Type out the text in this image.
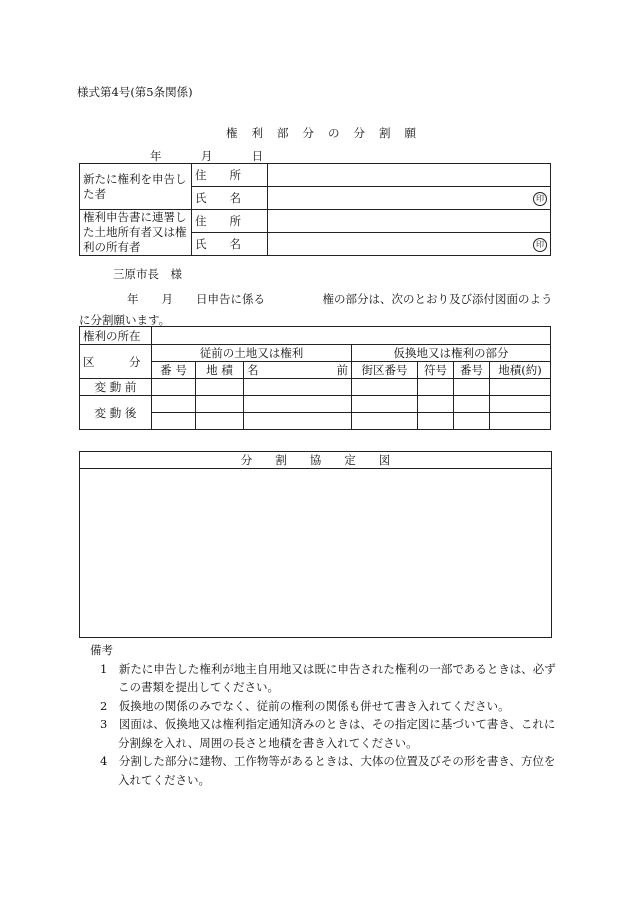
様式第4号(第5条関係)
権 利 部 分 の 分 割 願
年	月	日
新たに権利を申告した者	住　　所	
	氏　　名	印
権利申告書に連署した土地所有者又は権利の所有者	住　　所	
	氏　　名	印
三原市長　様
年　　月　　日申告に係る　　　　　権の部分は、次のとおり及び添付図面のよう
に分割願います。
権利の所在							
区　　　分	従前の土地又は権利			仮換地又は権利の部分			
	番 号	地 積	名 前	街区番号	符号	番号	地積(約)
変 動 前							
変 動 後							

分　　割　　協　　定　　図
備考
1　新たに申告した権利が地主自用地又は既に申告された権利の一部であるときは、必ずこの書類を提出してください。
2　仮換地の関係のみでなく、従前の権利の関係も併せて書き入れてください。
3　図面は、仮換地又は権利指定通知済みのときは、その指定図に基づいて書き、これに分割線を入れ、周囲の長さと地積を書き入れてください。
4　分割した部分に建物、工作物等があるときは、大体の位置及びその形を書き、方位を入れてください。
